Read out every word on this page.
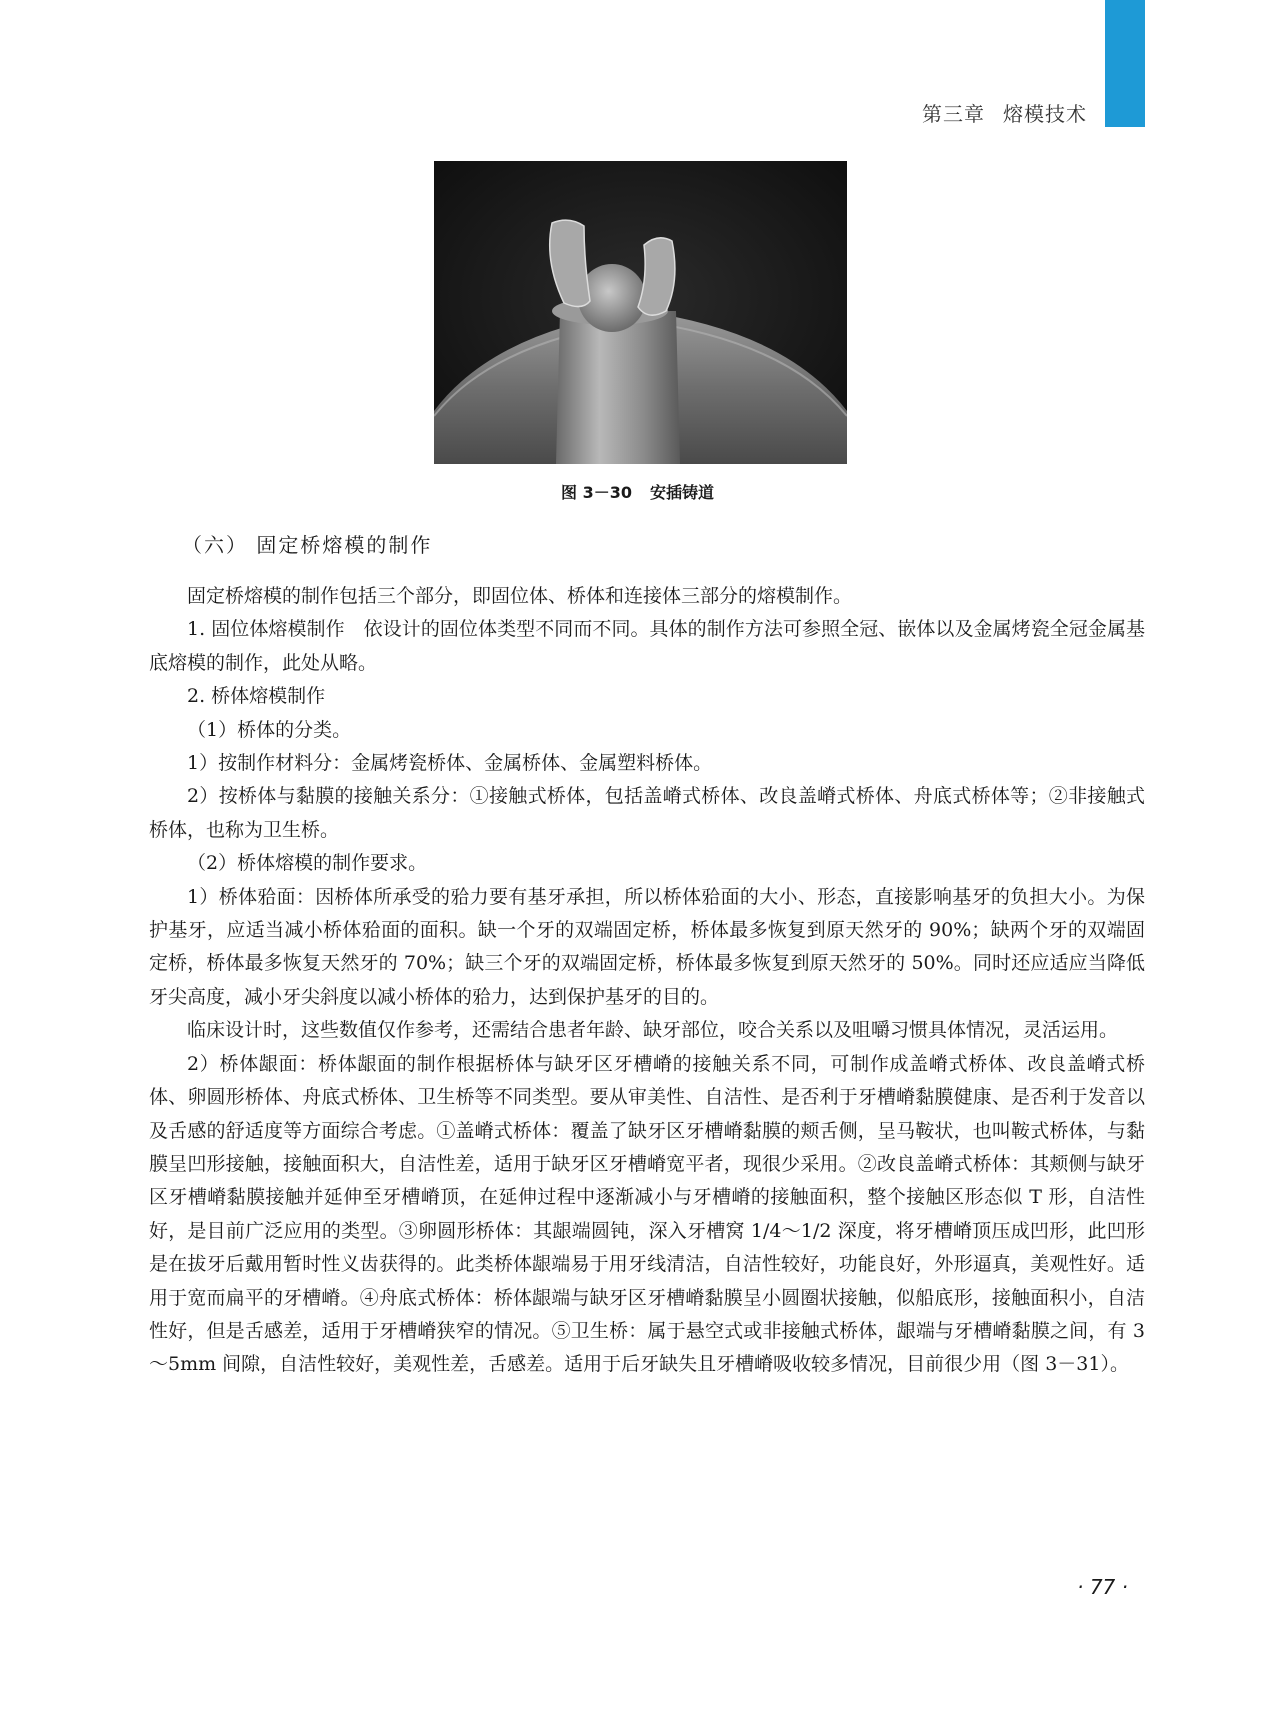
第三章 熔模技术
图 3－30 安插铸道
（六） 固定桥熔模的制作

固定桥熔模的制作包括三个部分，即固位体、桥体和连接体三部分的熔模制作。

1. 固位体熔模制作　依设计的固位体类型不同而不同。具体的制作方法可参照全冠、嵌体以及金属烤瓷全冠金属基底熔模的制作，此处从略。

2. 桥体熔模制作

（1）桥体的分类。

1）按制作材料分：金属烤瓷桥体、金属桥体、金属塑料桥体。

2）按桥体与黏膜的接触关系分：①接触式桥体，包括盖嵴式桥体、改良盖嵴式桥体、舟底式桥体等；②非接触式桥体，也称为卫生桥。

（2）桥体熔模的制作要求。

1）桥体𬌗面：因桥体所承受的𬌗力要有基牙承担，所以桥体𬌗面的大小、形态，直接影响基牙的负担大小。为保护基牙，应适当减小桥体𬌗面的面积。缺一个牙的双端固定桥，桥体最多恢复到原天然牙的 90%；缺两个牙的双端固定桥，桥体最多恢复天然牙的 70%；缺三个牙的双端固定桥，桥体最多恢复到原天然牙的 50%。同时还应适应当降低牙尖高度，减小牙尖斜度以减小桥体的𬌗力，达到保护基牙的目的。

临床设计时，这些数值仅作参考，还需结合患者年龄、缺牙部位，咬合关系以及咀嚼习惯具体情况，灵活运用。

2）桥体龈面：桥体龈面的制作根据桥体与缺牙区牙槽嵴的接触关系不同，可制作成盖嵴式桥体、改良盖嵴式桥体、卵圆形桥体、舟底式桥体、卫生桥等不同类型。要从审美性、自洁性、是否利于牙槽嵴黏膜健康、是否利于发音以及舌感的舒适度等方面综合考虑。①盖嵴式桥体：覆盖了缺牙区牙槽嵴黏膜的颊舌侧，呈马鞍状，也叫鞍式桥体，与黏膜呈凹形接触，接触面积大，自洁性差，适用于缺牙区牙槽嵴宽平者，现很少采用。②改良盖嵴式桥体：其颊侧与缺牙区牙槽嵴黏膜接触并延伸至牙槽嵴顶，在延伸过程中逐渐减小与牙槽嵴的接触面积，整个接触区形态似 T 形，自洁性好，是目前广泛应用的类型。③卵圆形桥体：其龈端圆钝，深入牙槽窝 1/4～1/2 深度，将牙槽嵴顶压成凹形，此凹形是在拔牙后戴用暂时性义齿获得的。此类桥体龈端易于用牙线清洁，自洁性较好，功能良好，外形逼真，美观性好。适用于宽而扁平的牙槽嵴。④舟底式桥体：桥体龈端与缺牙区牙槽嵴黏膜呈小圆圈状接触，似船底形，接触面积小，自洁性好，但是舌感差，适用于牙槽嵴狭窄的情况。⑤卫生桥：属于悬空式或非接触式桥体，龈端与牙槽嵴黏膜之间，有 3～5mm 间隙，自洁性较好，美观性差，舌感差。适用于后牙缺失且牙槽嵴吸收较多情况，目前很少用（图 3－31）。

· 77 ·
